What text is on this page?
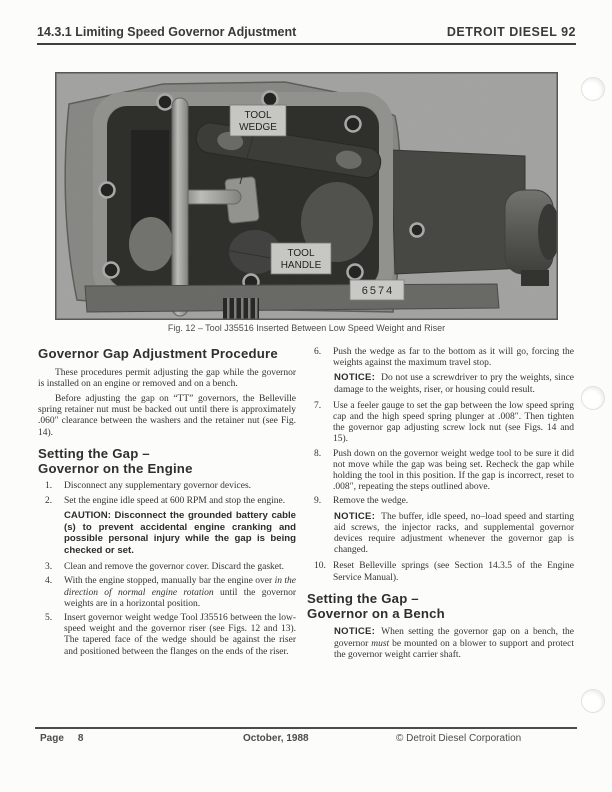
14.3.1 Limiting Speed Governor Adjustment	DETROIT DIESEL 92
TOOL
WEDGE
TOOL
HANDLE
6574
Fig. 12 – Tool J35516 Inserted Between Low Speed Weight and Riser
Governor Gap Adjustment Procedure

These procedures permit adjusting the gap while the governor is installed on an engine or removed and on a bench.

Before adjusting the gap on “TT” governors, the Belleville spring retainer nut must be backed out until there is approximately .060″ clearance between the washers and the retainer nut (see Fig. 14).

Setting the Gap –
Governor on the Engine
1.	Disconnect any supplementary governor devices.
2.	Set the engine idle speed at 600 RPM and stop the engine.

CAUTION: Disconnect the grounded battery cable (s) to prevent accidental engine cranking and possible personal injury while the gap is being checked or set.

3.	Clean and remove the governor cover. Discard the gasket.
4.	With the engine stopped, manually bar the engine over in the direction of normal engine rotation until the governor weights are in a horizontal position.
5.	Insert governor weight wedge Tool J35516 between the low-speed weight and the governor riser (see Figs. 12 and 13). The tapered face of the wedge should be against the riser and positioned between the flanges on the ends of the riser.
6.	Push the wedge as far to the bottom as it will go, forcing the weights against the maximum travel stop.

NOTICE: Do not use a screwdriver to pry the weights, since damage to the weights, riser, or housing could result.

7.	Use a feeler gauge to set the gap between the low speed spring cap and the high speed spring plunger at .008″. Then tighten the governor gap adjusting screw lock nut (see Figs. 14 and 15).
8.	Push down on the governor weight wedge tool to be sure it did not move while the gap was being set. Recheck the gap while holding the tool in this position. If the gap is incorrect, reset to .008″, repeating the steps outlined above.
9.	Remove the wedge.

NOTICE: The buffer, idle speed, no–load speed and starting aid screws, the injector racks, and supplemental governor devices require adjustment whenever the governor gap is changed.

10. Reset Belleville springs (see Section 14.3.5 of the Engine Service Manual).
Setting the Gap –
Governor on a Bench

NOTICE: When setting the governor gap on a bench, the governor must be mounted on a blower to support and protect the governor weight carrier shaft.

Page 8	October, 1988	© Detroit Diesel Corporation
